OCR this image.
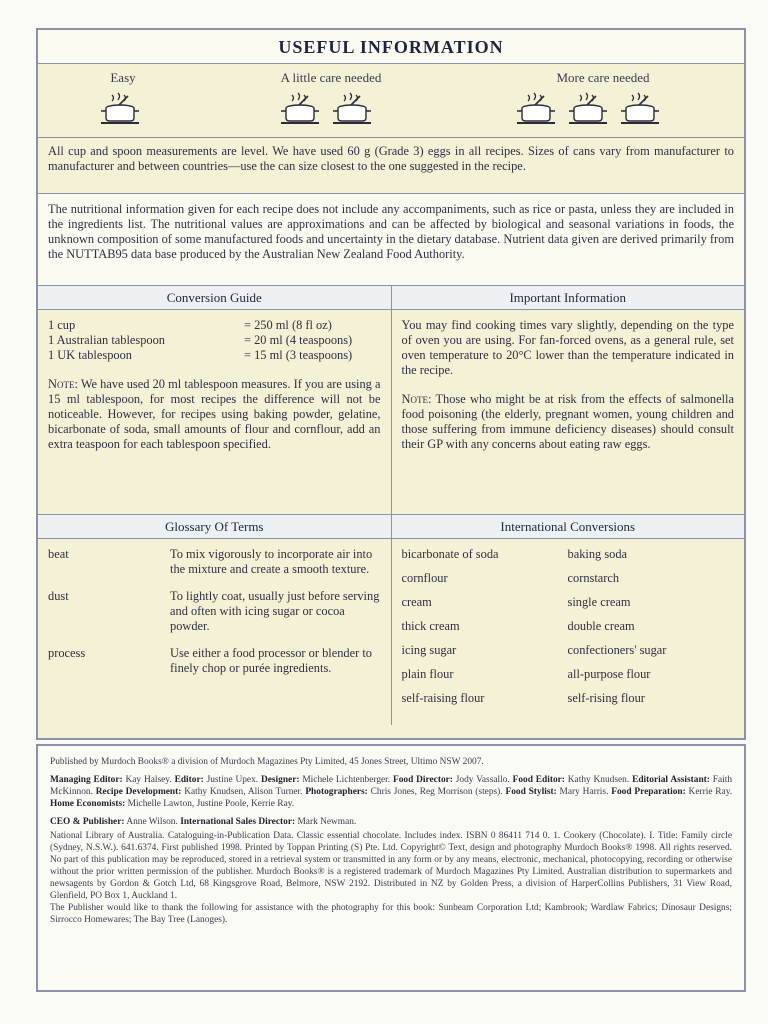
USEFUL INFORMATION
Easy	A little care needed	More care needed
All cup and spoon measurements are level. We have used 60 g (Grade 3) eggs in all recipes. Sizes of cans vary from manufacturer to manufacturer and between countries—use the can size closest to the one suggested in the recipe.
The nutritional information given for each recipe does not include any accompaniments, such as rice or pasta, unless they are included in the ingredients list. The nutritional values are approximations and can be affected by biological and seasonal variations in foods, the unknown composition of some manufactured foods and uncertainty in the dietary database. Nutrient data given are derived primarily from the NUTTAB95 data base produced by the Australian New Zealand Food Authority.
Conversion Guide
1 cup	= 250 ml (8 fl oz)
1 Australian tablespoon	= 20 ml (4 teaspoons)
1 UK tablespoon	= 15 ml (3 teaspoons)

Note: We have used 20 ml tablespoon measures. If you are using a 15 ml tablespoon, for most recipes the difference will not be noticeable. However, for recipes using baking powder, gelatine, bicarbonate of soda, small amounts of flour and cornflour, add an extra teaspoon for each tablespoon specified.

Important Information

You may find cooking times vary slightly, depending on the type of oven you are using. For fan-forced ovens, as a general rule, set oven temperature to 20°C lower than the temperature indicated in the recipe.

Note: Those who might be at risk from the effects of salmonella food poisoning (the elderly, pregnant women, young children and those suffering from immune deficiency diseases) should consult their GP with any concerns about eating raw eggs.

Glossary Of Terms
beat	To mix vigorously to incorporate air into the mixture and create a smooth texture.
dust	To lightly coat, usually just before serving and often with icing sugar or cocoa powder.
process	Use either a food processor or blender to finely chop or purée ingredients.
International Conversions
bicarbonate of soda	baking soda
cornflour	cornstarch
cream	single cream
thick cream	double cream
icing sugar	confectioners' sugar
plain flour	all-purpose flour
self-raising flour	self-rising flour

Published by Murdoch Books® a division of Murdoch Magazines Pty Limited, 45 Jones Street, Ultimo NSW 2007.

Managing Editor: Kay Halsey. Editor: Justine Upex. Designer: Michele Lichtenberger. Food Director: Jody Vassallo. Food Editor: Kathy Knudsen. Editorial Assistant: Faith McKinnon. Recipe Development: Kathy Knudsen, Alison Turner. Photographers: Chris Jones, Reg Morrison (steps). Food Stylist: Mary Harris. Food Preparation: Kerrie Ray. Home Economists: Michelle Lawton, Justine Poole, Kerrie Ray.

CEO & Publisher: Anne Wilson. International Sales Director: Mark Newman.

National Library of Australia. Cataloguing-in-Publication Data. Classic essential chocolate. Includes index. ISBN 0 86411 714 0. 1. Cookery (Chocolate). I. Title: Family circle (Sydney, N.S.W.). 641.6374. First published 1998. Printed by Toppan Printing (S) Pte. Ltd. Copyright© Text, design and photography Murdoch Books® 1998. All rights reserved. No part of this publication may be reproduced, stored in a retrieval system or transmitted in any form or by any means, electronic, mechanical, photocopying, recording or otherwise without the prior written permission of the publisher. Murdoch Books® is a registered trademark of Murdoch Magazines Pty Limited. Australian distribution to supermarkets and newsagents by Gordon & Gotch Ltd, 68 Kingsgrove Road, Belmore, NSW 2192. Distributed in NZ by Golden Press, a division of HarperCollins Publishers, 31 View Road, Glenfield, PO Box 1, Auckland 1.

The Publisher would like to thank the following for assistance with the photography for this book: Sunbeam Corporation Ltd; Kambrook; Wardlaw Fabrics; Dinosaur Designs; Sirrocco Homewares; The Bay Tree (Lanoges).
